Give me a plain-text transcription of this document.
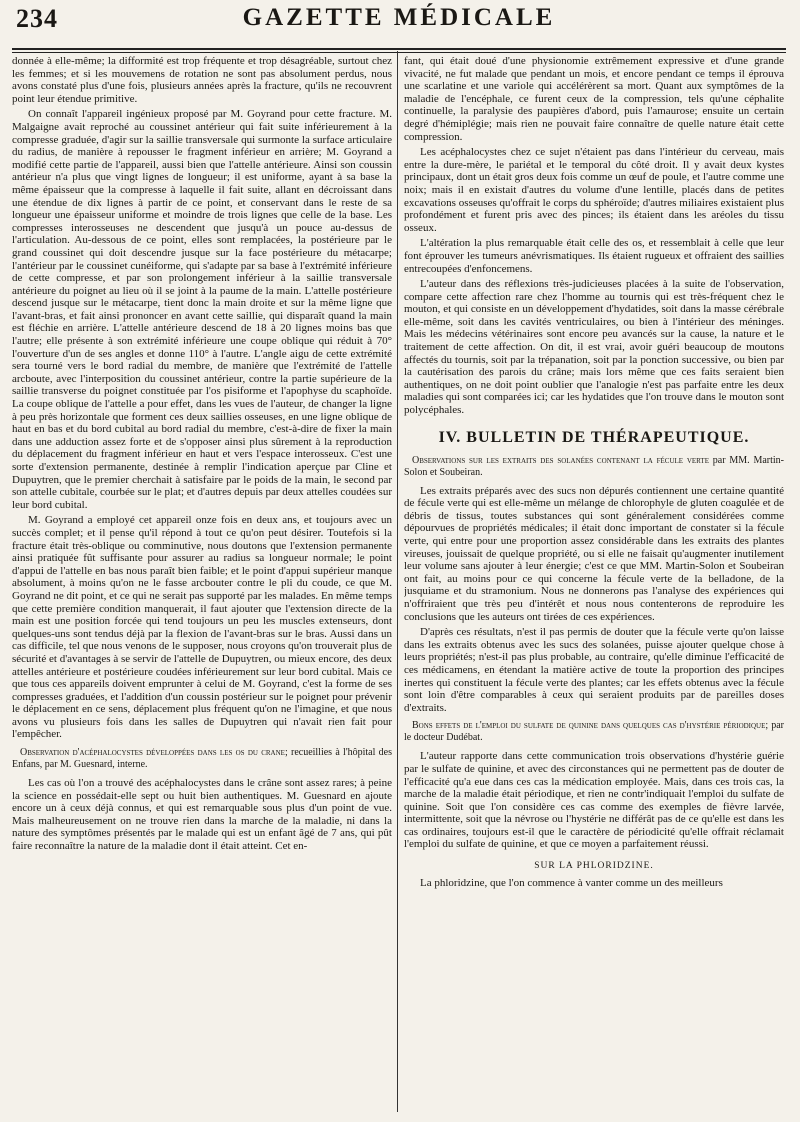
234	GAZETTE MÉDICALE

donnée à elle-même; la difformité est trop fréquente et trop désagréable, surtout chez les femmes; et si les mouvemens de rotation ne sont pas absolument perdus, nous avons constaté plus d'une fois, plusieurs années après la fracture, qu'ils ne recouvrent point leur étendue primitive.

On connaît l'appareil ingénieux proposé par M. Goyrand pour cette fracture. M. Malgaigne avait reproché au coussinet antérieur qui fait suite inférieurement à la compresse graduée, d'agir sur la saillie transversale qui surmonte la surface articulaire du radius, de manière à repousser le fragment inférieur en arrière; M. Goyrand a modifié cette partie de l'appareil, aussi bien que l'attelle antérieure. Ainsi son coussin antérieur n'a plus que vingt lignes de longueur; il est uniforme, ayant à sa base la même épaisseur que la compresse à laquelle il fait suite, allant en décroissant dans une étendue de dix lignes à partir de ce point, et conservant dans le reste de sa longueur une épaisseur uniforme et moindre de trois lignes que celle de la base. Les compresses interosseuses ne descendent que jusqu'à un pouce au-dessus de l'articulation. Au-dessous de ce point, elles sont remplacées, la postérieure par le grand coussinet qui doit descendre jusque sur la face postérieure du métacarpe; l'antérieur par le coussinet cunéiforme, qui s'adapte par sa base à l'extrémité inférieure de cette compresse, et par son prolongement inférieur à la saillie transversale antérieure du poignet au lieu où il se joint à la paume de la main. L'attelle postérieure descend jusque sur le métacarpe, tient donc la main droite et sur la même ligne que l'avant-bras, et fait ainsi prononcer en avant cette saillie, qui disparaît quand la main est fléchie en arrière. L'attelle antérieure descend de 18 à 20 lignes moins bas que l'autre; elle présente à son extrémité inférieure une coupe oblique qui réduit à 70° l'ouverture d'un de ses angles et donne 110° à l'autre. L'angle aigu de cette extrémité sera tourné vers le bord radial du membre, de manière que l'extrémité de l'attelle arcboute, avec l'interposition du coussinet antérieur, contre la partie supérieure de la saillie transverse du poignet constituée par l'os pisiforme et l'apophyse du scaphoïde. La coupe oblique de l'attelle a pour effet, dans les vues de l'auteur, de changer la ligne à peu près horizontale que forment ces deux saillies osseuses, en une ligne oblique de haut en bas et du bord cubital au bord radial du membre, c'est-à-dire de fixer la main dans une adduction assez forte et de s'opposer ainsi plus sûrement à la reproduction du déplacement du fragment inférieur en haut et vers l'espace interosseux. C'est une sorte d'extension permanente, destinée à remplir l'indication aperçue par Cline et Dupuytren, que le premier cherchait à satisfaire par le poids de la main, le second par son attelle cubitale, courbée sur le plat; et d'autres depuis par deux attelles coudées sur leur bord cubital.

M. Goyrand a employé cet appareil onze fois en deux ans, et toujours avec un succès complet; et il pense qu'il répond à tout ce qu'on peut désirer. Toutefois si la fracture était très-oblique ou comminutive, nous doutons que l'extension permanente ainsi pratiquée fût suffisante pour assurer au radius sa longueur normale; le point d'appui de l'attelle en bas nous paraît bien faible; et le point d'appui supérieur manque absolument, à moins qu'on ne le fasse arcbouter contre le pli du coude, ce que M. Goyrand ne dit point, et ce qui ne serait pas supporté par les malades. En même temps que cette première condition manquerait, il faut ajouter que l'extension directe de la main est une position forcée qui tend toujours un peu les muscles extenseurs, dont quelques-uns sont tendus déjà par la flexion de l'avant-bras sur le bras. Aussi dans un cas difficile, tel que nous venons de le supposer, nous croyons qu'on trouverait plus de sécurité et d'avantages à se servir de l'attelle de Dupuytren, ou mieux encore, des deux attelles antérieure et postérieure coudées inférieurement sur leur bord cubital. Mais ce que tous ces appareils doivent emprunter à celui de M. Goyrand, c'est la forme de ses compresses graduées, et l'addition d'un coussin postérieur sur le poignet pour prévenir le déplacement en ce sens, déplacement plus fréquent qu'on ne l'imagine, et que nous avons vu plusieurs fois dans les salles de Dupuytren qui n'avait rien fait pour l'empêcher.

Observation d'acéphalocystes développées dans les os du crane; recueillies à l'hôpital des Enfans, par M. Guesnard, interne.

Les cas où l'on a trouvé des acéphalocystes dans le crâne sont assez rares; à peine la science en possédait-elle sept ou huit bien authentiques. M. Guesnard en ajoute encore un à ceux déjà connus, et qui est remarquable sous plus d'un point de vue. Mais malheureusement on ne trouve rien dans la marche de la maladie, ni dans la nature des symptômes présentés par le malade qui est un enfant âgé de 7 ans, qui pût faire reconnaître la nature de la maladie dont il était atteint. Cet en-

fant, qui était doué d'une physionomie extrêmement expressive et d'une grande vivacité, ne fut malade que pendant un mois, et encore pendant ce temps il éprouva une scarlatine et une variole qui accélérèrent sa mort. Quant aux symptômes de la maladie de l'encéphale, ce furent ceux de la compression, tels qu'une céphalite continuelle, la paralysie des paupières d'abord, puis l'amaurose; ensuite un certain degré d'hémiplégie; mais rien ne pouvait faire connaître de quelle nature était cette compression.

Les acéphalocystes chez ce sujet n'étaient pas dans l'intérieur du cerveau, mais entre la dure-mère, le pariétal et le temporal du côté droit. Il y avait deux kystes principaux, dont un était gros deux fois comme un œuf de poule, et l'autre comme une noix; mais il en existait d'autres du volume d'une lentille, placés dans de petites excavations osseuses qu'offrait le corps du sphéroïde; d'autres miliaires existaient plus profondément et furent pris avec des pinces; ils étaient dans les aréoles du tissu osseux.

L'altération la plus remarquable était celle des os, et ressemblait à celle que leur font éprouver les tumeurs anévrismatiques. Ils étaient rugueux et offraient des saillies entrecoupées d'enfoncemens.

L'auteur dans des réflexions très-judicieuses placées à la suite de l'observation, compare cette affection rare chez l'homme au tournis qui est très-fréquent chez le mouton, et qui consiste en un développement d'hydatides, soit dans la masse cérébrale elle-même, soit dans les cavités ventriculaires, ou bien à l'intérieur des méninges. Mais les médecins vétérinaires sont encore peu avancés sur la cause, la nature et le traitement de cette affection. On dit, il est vrai, avoir guéri beaucoup de moutons affectés du tournis, soit par la trépanation, soit par la ponction successive, ou bien par la cautérisation des parois du crâne; mais lors même que ces faits seraient bien authentiques, on ne doit point oublier que l'analogie n'est pas parfaite entre les deux maladies qui sont comparées ici; car les hydatides que l'on trouve dans le mouton sont polycéphales.

IV. BULLETIN DE THÉRAPEUTIQUE.
Observations sur les extraits des solanées contenant la fécule verte par MM. Martin-Solon et Soubeiran.

Les extraits préparés avec des sucs non dépurés contiennent une certaine quantité de fécule verte qui est elle-même un mélange de chlorophyle de gluten coagulée et de débris de tissus, toutes substances qui sont généralement considérées comme dépourvues de propriétés médicales; il était donc important de constater si la fécule verte, qui entre pour une proportion assez considérable dans les extraits des plantes vireuses, jouissait de quelque propriété, ou si elle ne faisait qu'augmenter inutilement leur volume sans ajouter à leur énergie; c'est ce que MM. Martin-Solon et Soubeiran ont fait, au moins pour ce qui concerne la fécule verte de la belladone, de la jusquiame et du stramonium. Nous ne donnerons pas l'analyse des expériences qui n'offriraient que très peu d'intérêt et nous nous contenterons de reproduire les conclusions que les auteurs ont tirées de ces expériences.

D'après ces résultats, n'est il pas permis de douter que la fécule verte qu'on laisse dans les extraits obtenus avec les sucs des solanées, puisse ajouter quelque chose à leurs propriétés; n'est-il pas plus probable, au contraire, qu'elle diminue l'efficacité de ces médicamens, en étendant la matière active de toute la proportion des principes inertes qui constituent la fécule verte des plantes; car les effets obtenus avec la fécule sont loin d'être comparables à ceux qui seraient produits par de pareilles doses d'extraits.

Bons effets de l'emploi du sulfate de quinine dans quelques cas d'hystérie périodique; par le docteur Dudébat.

L'auteur rapporte dans cette communication trois observations d'hystérie guérie par le sulfate de quinine, et avec des circonstances qui ne permettent pas de douter de l'efficacité qu'a eue dans ces cas la médication employée. Mais, dans ces trois cas, la marche de la maladie était périodique, et rien ne contr'indiquait l'emploi du sulfate de quinine. Soit que l'on considère ces cas comme des exemples de fièvre larvée, intermittente, soit que la névrose ou l'hystérie ne différât pas de ce qu'elle est dans les cas ordinaires, toujours est-il que le caractère de périodicité qu'elle offrait réclamait l'emploi du sulfate de quinine, et que ce moyen a parfaitement réussi.

SUR LA PHLORIDZINE.

La phloridzine, que l'on commence à vanter comme un des meilleurs
